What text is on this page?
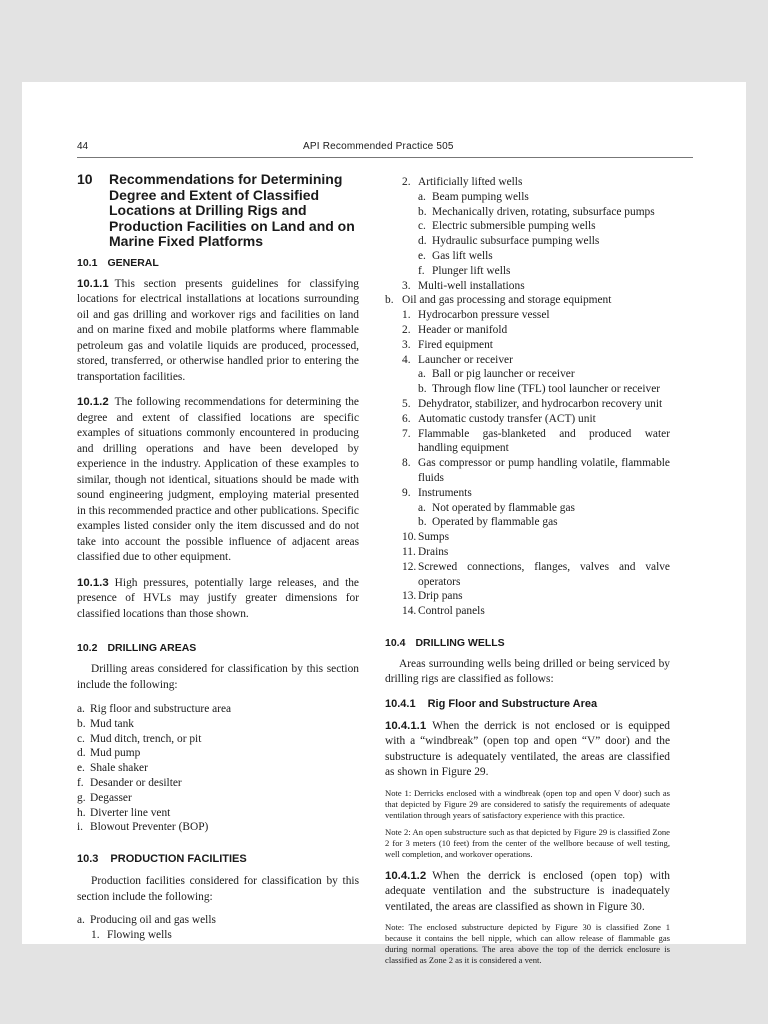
44	API Recommended Practice 505
10	Recommendations for Determining Degree and Extent of Classified Locations at Drilling Rigs and Production Facilities on Land and on Marine Fixed Platforms
10.1 GENERAL

10.1.1 This section presents guidelines for classifying locations for electrical installations at locations surrounding oil and gas drilling and workover rigs and facilities on land and on marine fixed and mobile platforms where flammable petroleum gas and volatile liquids are produced, processed, stored, transferred, or otherwise handled prior to entering the transportation facilities.

10.1.2 The following recommendations for determining the degree and extent of classified locations are specific examples of situations commonly encountered in producing and drilling operations and have been developed by experience in the industry. Application of these examples to similar, though not identical, situations should be made with sound engineering judgment, employing material presented in this recommended practice and other publications. Specific examples listed consider only the item discussed and do not take into account the possible influence of adjacent areas classified due to other equipment.

10.1.3 High pressures, potentially large releases, and the presence of HVLs may justify greater dimensions for classified locations than those shown.

10.2 DRILLING AREAS

Drilling areas considered for classification by this section include the following:

a. Rig floor and substructure area
b. Mud tank
c. Mud ditch, trench, or pit
d. Mud pump
e. Shale shaker
f. Desander or desilter
g. Degasser
h. Diverter line vent
i. Blowout Preventer (BOP)
10.3 PRODUCTION FACILITIES

Production facilities considered for classification by this section include the following:

a. Producing oil and gas wells
1. Flowing wells
2. Artificially lifted wells
a. Beam pumping wells
b. Mechanically driven, rotating, subsurface pumps
c. Electric submersible pumping wells
d. Hydraulic subsurface pumping wells
e. Gas lift wells
f. Plunger lift wells
3. Multi-well installations
b. Oil and gas processing and storage equipment
1. Hydrocarbon pressure vessel
2. Header or manifold
3. Fired equipment
4. Launcher or receiver
a. Ball or pig launcher or receiver
b. Through flow line (TFL) tool launcher or receiver
5. Dehydrator, stabilizer, and hydrocarbon recovery unit
6. Automatic custody transfer (ACT) unit
7. Flammable gas-blanketed and produced water handling equipment
8. Gas compressor or pump handling volatile, flammable fluids
9. Instruments
a. Not operated by flammable gas
b. Operated by flammable gas
10. Sumps
11. Drains
12. Screwed connections, flanges, valves and valve operators
13. Drip pans
14. Control panels
10.4 DRILLING WELLS

Areas surrounding wells being drilled or being serviced by drilling rigs are classified as follows:

10.4.1 Rig Floor and Substructure Area

10.4.1.1 When the derrick is not enclosed or is equipped with a “windbreak” (open top and open “V” door) and the substructure is adequately ventilated, the areas are classified as shown in Figure 29.

Note 1: Derricks enclosed with a windbreak (open top and open V door) such as that depicted by Figure 29 are considered to satisfy the requirements of adequate ventilation through years of satisfactory experience with this practice.

Note 2: An open substructure such as that depicted by Figure 29 is classified Zone 2 for 3 meters (10 feet) from the center of the wellbore because of well testing, well completion, and workover operations.

10.4.1.2 When the derrick is enclosed (open top) with adequate ventilation and the substructure is inadequately ventilated, the areas are classified as shown in Figure 30.

Note: The enclosed substructure depicted by Figure 30 is classified Zone 1 because it contains the bell nipple, which can allow release of flammable gas during normal operations. The area above the top of the derrick enclosure is classified as Zone 2 as it is considered a vent.
